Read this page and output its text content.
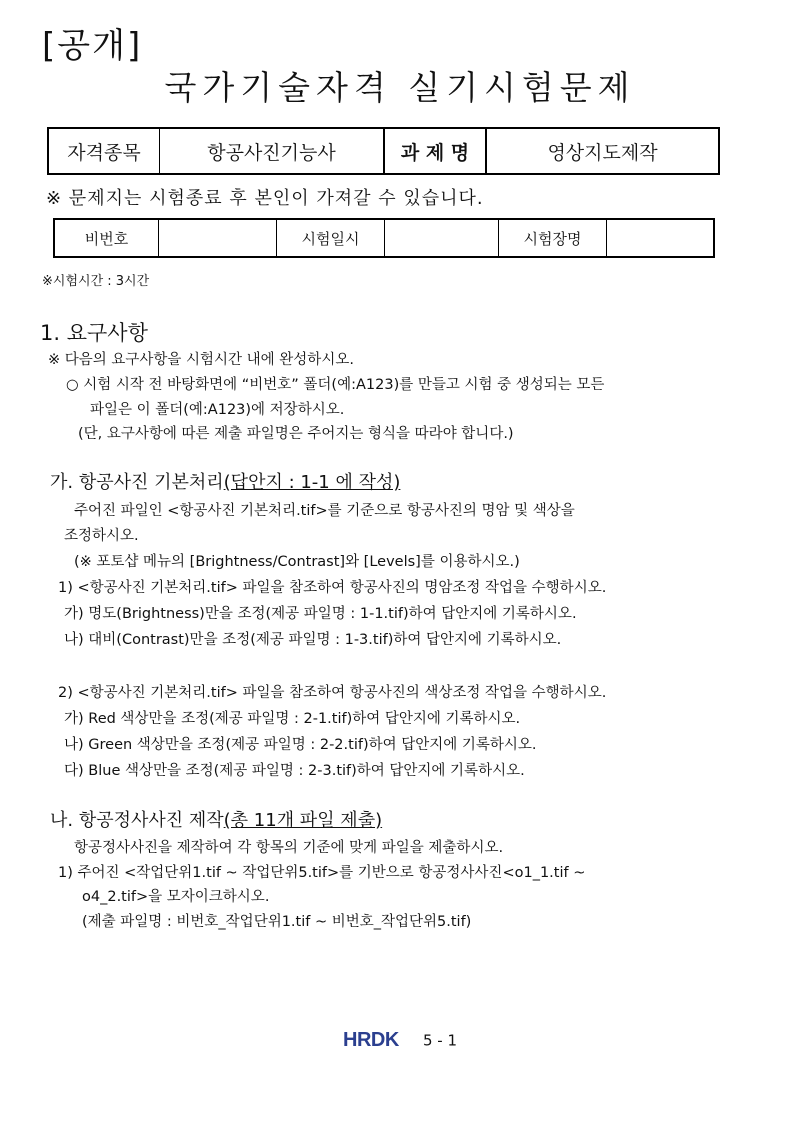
[공개]
국가기술자격 실기시험문제
자격종목	항공사진기능사	과 제 명	영상지도제작
※ 문제지는 시험종료 후 본인이 가져갈 수 있습니다.
비번호		시험일시		시험장명	
※시험시간 : 3시간
1. 요구사항
※ 다음의 요구사항을 시험시간 내에 완성하시오.
○ 시험 시작 전 바탕화면에 “비번호” 폴더(예:A123)를 만들고 시험 중 생성되는 모든
파일은 이 폴더(예:A123)에 저장하시오.
(단, 요구사항에 따른 제출 파일명은 주어지는 형식을 따라야 합니다.)
가. 항공사진 기본처리(답안지 : 1-1 에 작성)
주어진 파일인 <항공사진 기본처리.tif>를 기준으로 항공사진의 명암 및 색상을
조정하시오.
(※ 포토샵 메뉴의 [Brightness/Contrast]와 [Levels]를 이용하시오.)
1) <항공사진 기본처리.tif> 파일을 참조하여 항공사진의 명암조정 작업을 수행하시오.
가) 명도(Brightness)만을 조정(제공 파일명 : 1-1.tif)하여 답안지에 기록하시오.
나) 대비(Contrast)만을 조정(제공 파일명 : 1-3.tif)하여 답안지에 기록하시오.
2) <항공사진 기본처리.tif> 파일을 참조하여 항공사진의 색상조정 작업을 수행하시오.
가) Red 색상만을 조정(제공 파일명 : 2-1.tif)하여 답안지에 기록하시오.
나) Green 색상만을 조정(제공 파일명 : 2-2.tif)하여 답안지에 기록하시오.
다) Blue 색상만을 조정(제공 파일명 : 2-3.tif)하여 답안지에 기록하시오.
나. 항공정사사진 제작(총 11개 파일 제출)
항공정사사진을 제작하여 각 항목의 기준에 맞게 파일을 제출하시오.
1) 주어진 <작업단위1.tif ~ 작업단위5.tif>를 기반으로 항공정사사진<o1_1.tif ~
o4_2.tif>을 모자이크하시오.
(제출 파일명 : 비번호_작업단위1.tif ~ 비번호_작업단위5.tif)
HRDK 5 - 1
